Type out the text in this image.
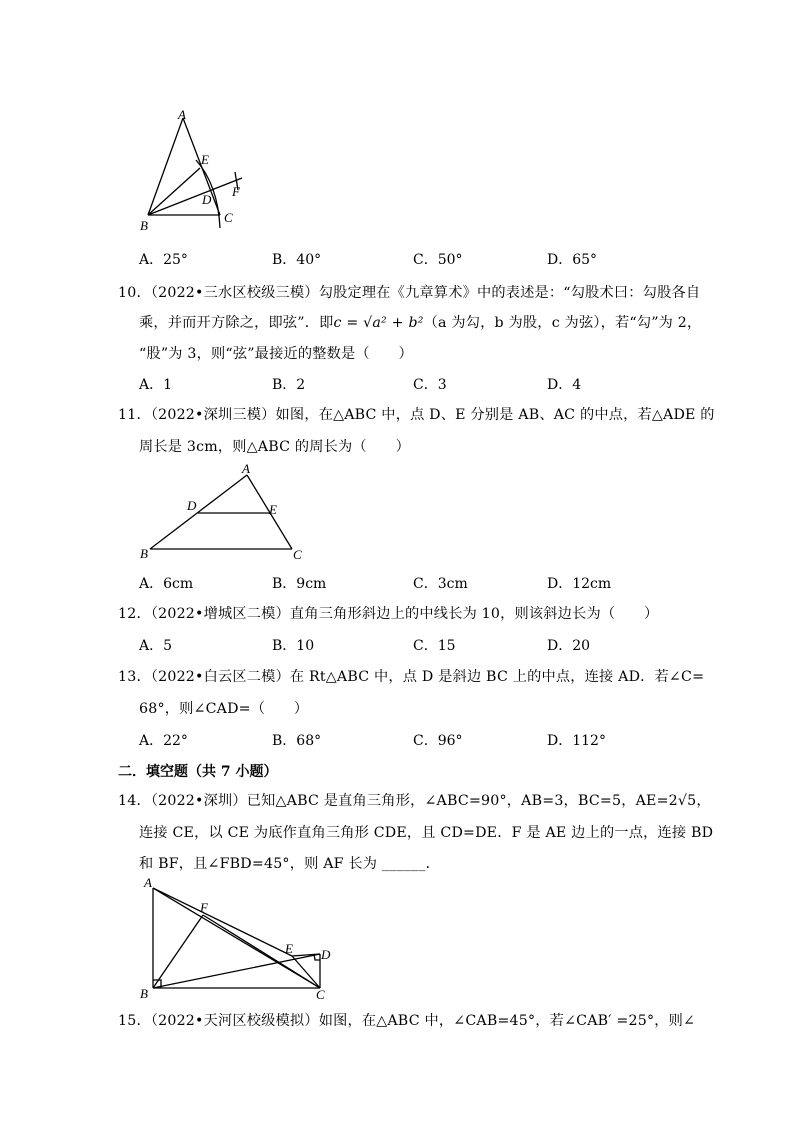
A
E
F
D
B
C
A．25°	B．40°	C．50°	D．65°
10．（2022•三水区校级三模）勾股定理在《九章算术》中的表述是：“勾股术曰：勾股各自
乘，并而开方除之，即弦”．即c = √a² + b²（a 为勾，b 为股，c 为弦），若“勾”为 2，
“股”为 3，则“弦”最接近的整数是（　　）
A．1	B．2	C．3	D．4
11．（2022•深圳三模）如图，在△ABC 中，点 D、E 分别是 AB、AC 的中点，若△ADE 的
周长是 3cm，则△ABC 的周长为（　　）
A
D	E
B	C
A．6cm	B．9cm	C．3cm	D．12cm
12．（2022•增城区二模）直角三角形斜边上的中线长为 10，则该斜边长为（　　）
A．5	B．10	C．15	D．20
13．（2022•白云区二模）在 Rt△ABC 中，点 D 是斜边 BC 上的中点，连接 AD．若∠C=
68°，则∠CAD=（　　）
A．22°	B．68°	C．96°	D．112°
二．填空题（共 7 小题）
14．（2022•深圳）已知△ABC 是直角三角形，∠ABC=90°，AB=3，BC=5，AE=2√5，
连接 CE，以 CE 为底作直角三角形 CDE，且 CD=DE．F 是 AE 边上的一点，连接 BD
和 BF，且∠FBD=45°，则 AF 长为 ______．
A
F
E D
B	C
15．（2022•天河区校级模拟）如图，在△ABC 中，∠CAB=45°，若∠CAB′ =25°，则∠
